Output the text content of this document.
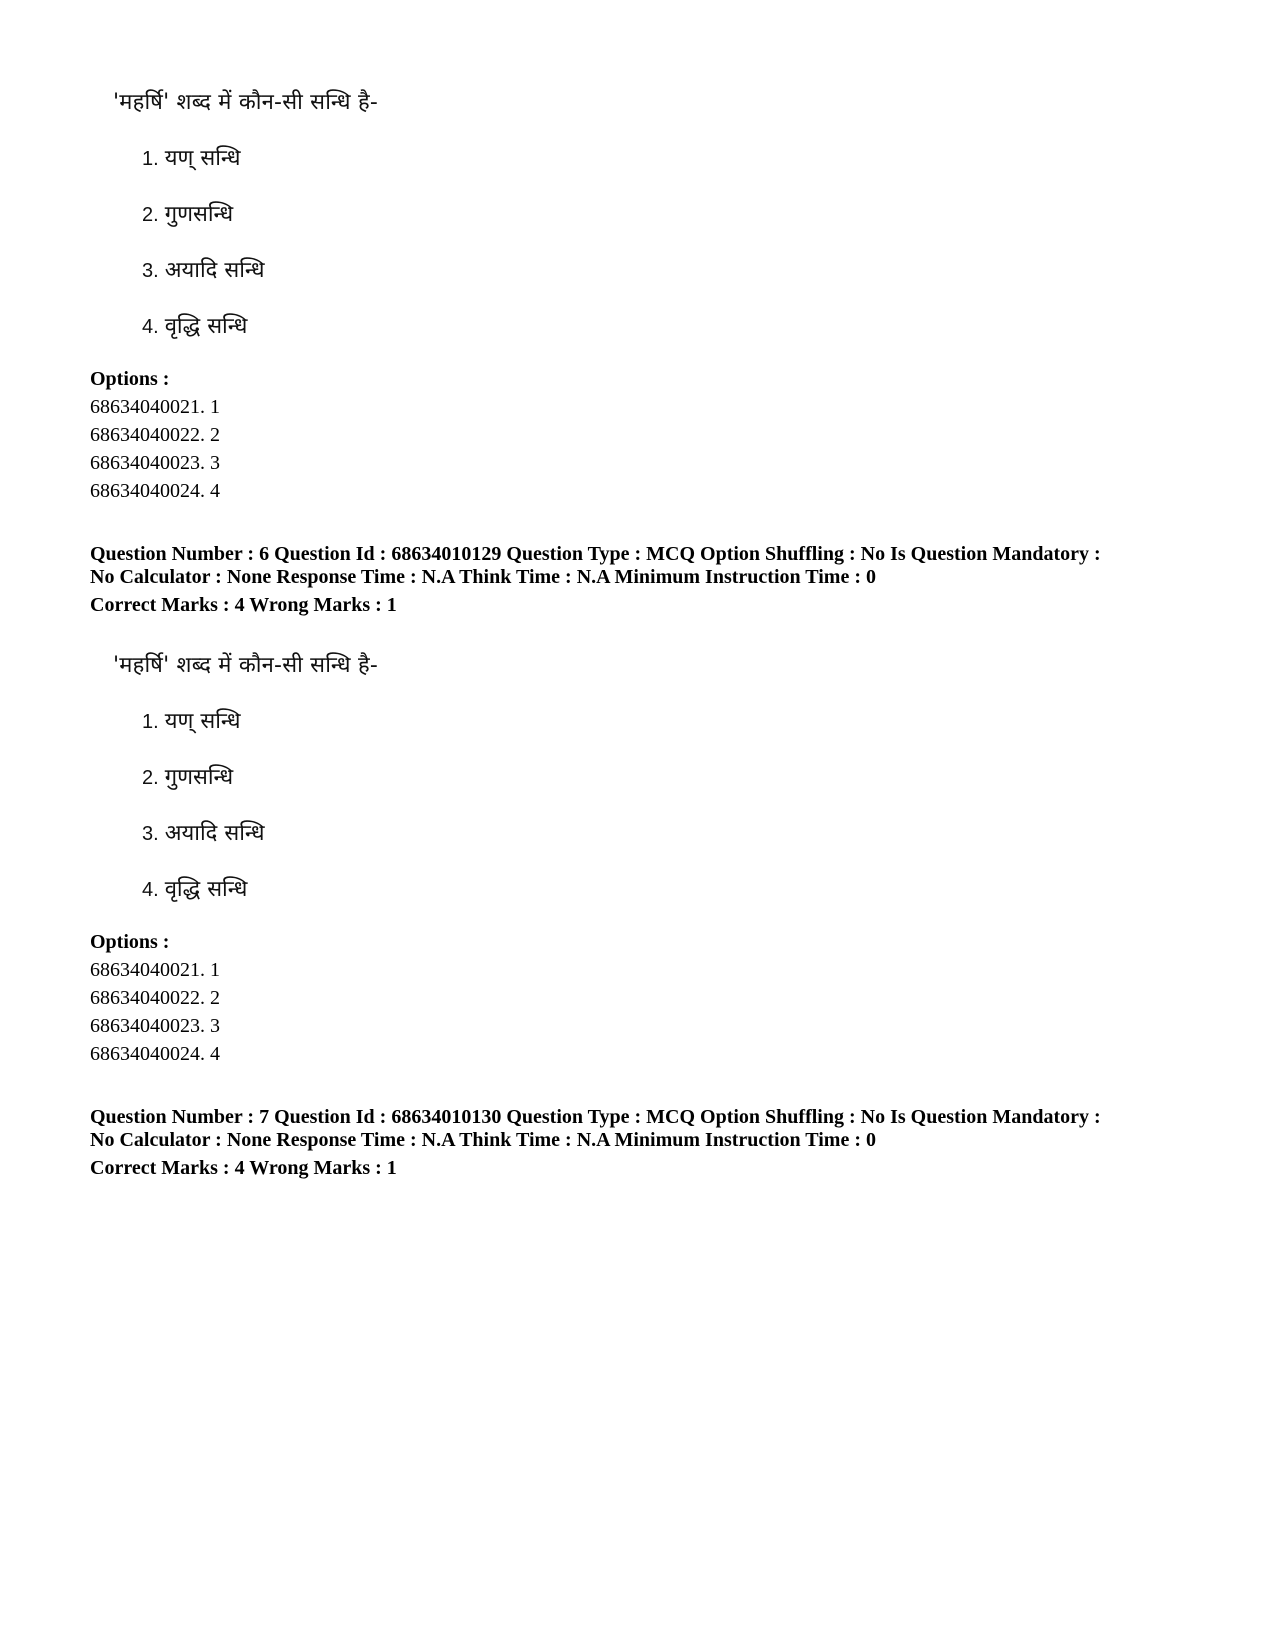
'महर्षि' शब्द में कौन-सी सन्धि है-
1. यण् सन्धि
2. गुणसन्धि
3. अयादि सन्धि
4. वृद्धि सन्धि
Options :
68634040021. 1
68634040022. 2
68634040023. 3
68634040024. 4
Question Number : 6 Question Id : 68634010129 Question Type : MCQ Option Shuffling : No Is Question Mandatory :
No Calculator : None Response Time : N.A Think Time : N.A Minimum Instruction Time : 0
Correct Marks : 4 Wrong Marks : 1
'महर्षि' शब्द में कौन-सी सन्धि है-
1. यण् सन्धि
2. गुणसन्धि
3. अयादि सन्धि
4. वृद्धि सन्धि
Options :
68634040021. 1
68634040022. 2
68634040023. 3
68634040024. 4
Question Number : 7 Question Id : 68634010130 Question Type : MCQ Option Shuffling : No Is Question Mandatory :
No Calculator : None Response Time : N.A Think Time : N.A Minimum Instruction Time : 0
Correct Marks : 4 Wrong Marks : 1
